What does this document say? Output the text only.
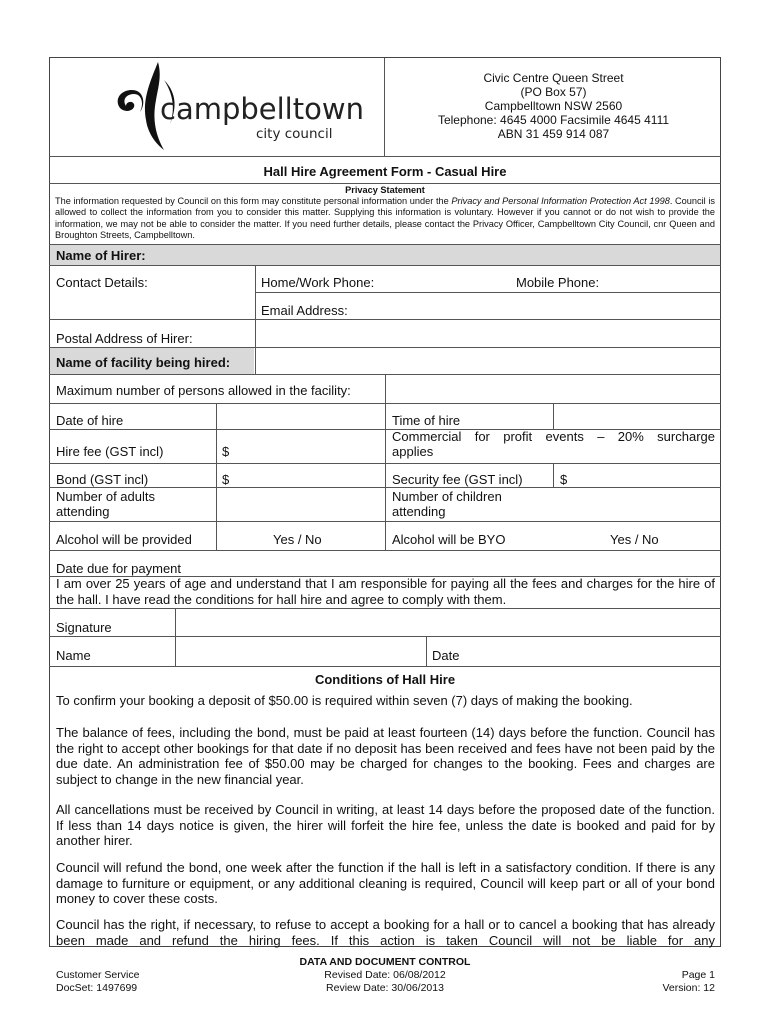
campbelltown
city council
Civic Centre Queen Street
(PO Box 57)
Campbelltown NSW 2560
Telephone: 4645 4000 Facsimile 4645 4111
ABN 31 459 914 087
Hall Hire Agreement Form - Casual Hire
Privacy Statement
The information requested by Council on this form may constitute personal information under the Privacy and Personal Information Protection Act 1998. Council is allowed to collect the information from you to consider this matter. Supplying this information is voluntary. However if you cannot or do not wish to provide the information, we may not be able to consider the matter. If you need further details, please contact the Privacy Officer, Campbelltown City Council, cnr Queen and Broughton Streets, Campbelltown.
Name of Hirer:
Contact Details:	Home/Work Phone:	Mobile Phone:
Email Address:
Postal Address of Hirer:
Name of facility being hired:
Maximum number of persons allowed in the facility:
Date of hire	Time of hire
Hire fee (GST incl)	$
Commercial for profit events – 20% surcharge
applies
Bond (GST incl)	$	Security fee (GST incl)	$
Number of adults
attending
Number of children
attending
Alcohol will be provided	Yes / No	Alcohol will be BYO	Yes / No
Date due for payment
I am over 25 years of age and understand that I am responsible for paying all the fees and charges for the hire of the hall. I have read the conditions for hall hire and agree to comply with them.
Signature
Name	Date
Conditions of Hall Hire
To confirm your booking a deposit of $50.00 is required within seven (7) days of making the booking.
The balance of fees, including the bond, must be paid at least fourteen (14) days before the function. Council has the right to accept other bookings for that date if no deposit has been received and fees have not been paid by the due date. An administration fee of $50.00 may be charged for changes to the booking. Fees and charges are subject to change in the new financial year.
All cancellations must be received by Council in writing, at least 14 days before the proposed date of the function. If less than 14 days notice is given, the hirer will forfeit the hire fee, unless the date is booked and paid for by another hirer.
Council will refund the bond, one week after the function if the hall is left in a satisfactory condition. If there is any damage to furniture or equipment, or any additional cleaning is required, Council will keep part or all of your bond money to cover these costs.
Council has the right, if necessary, to refuse to accept a booking for a hall or to cancel a booking that has already been made and refund the hiring fees. If this action is taken Council will not be liable for any
DATA AND DOCUMENT CONTROL
Customer Service
DocSet: 1497699
Revised Date: 06/08/2012
Review Date: 30/06/2013
Page 1
Version: 12
